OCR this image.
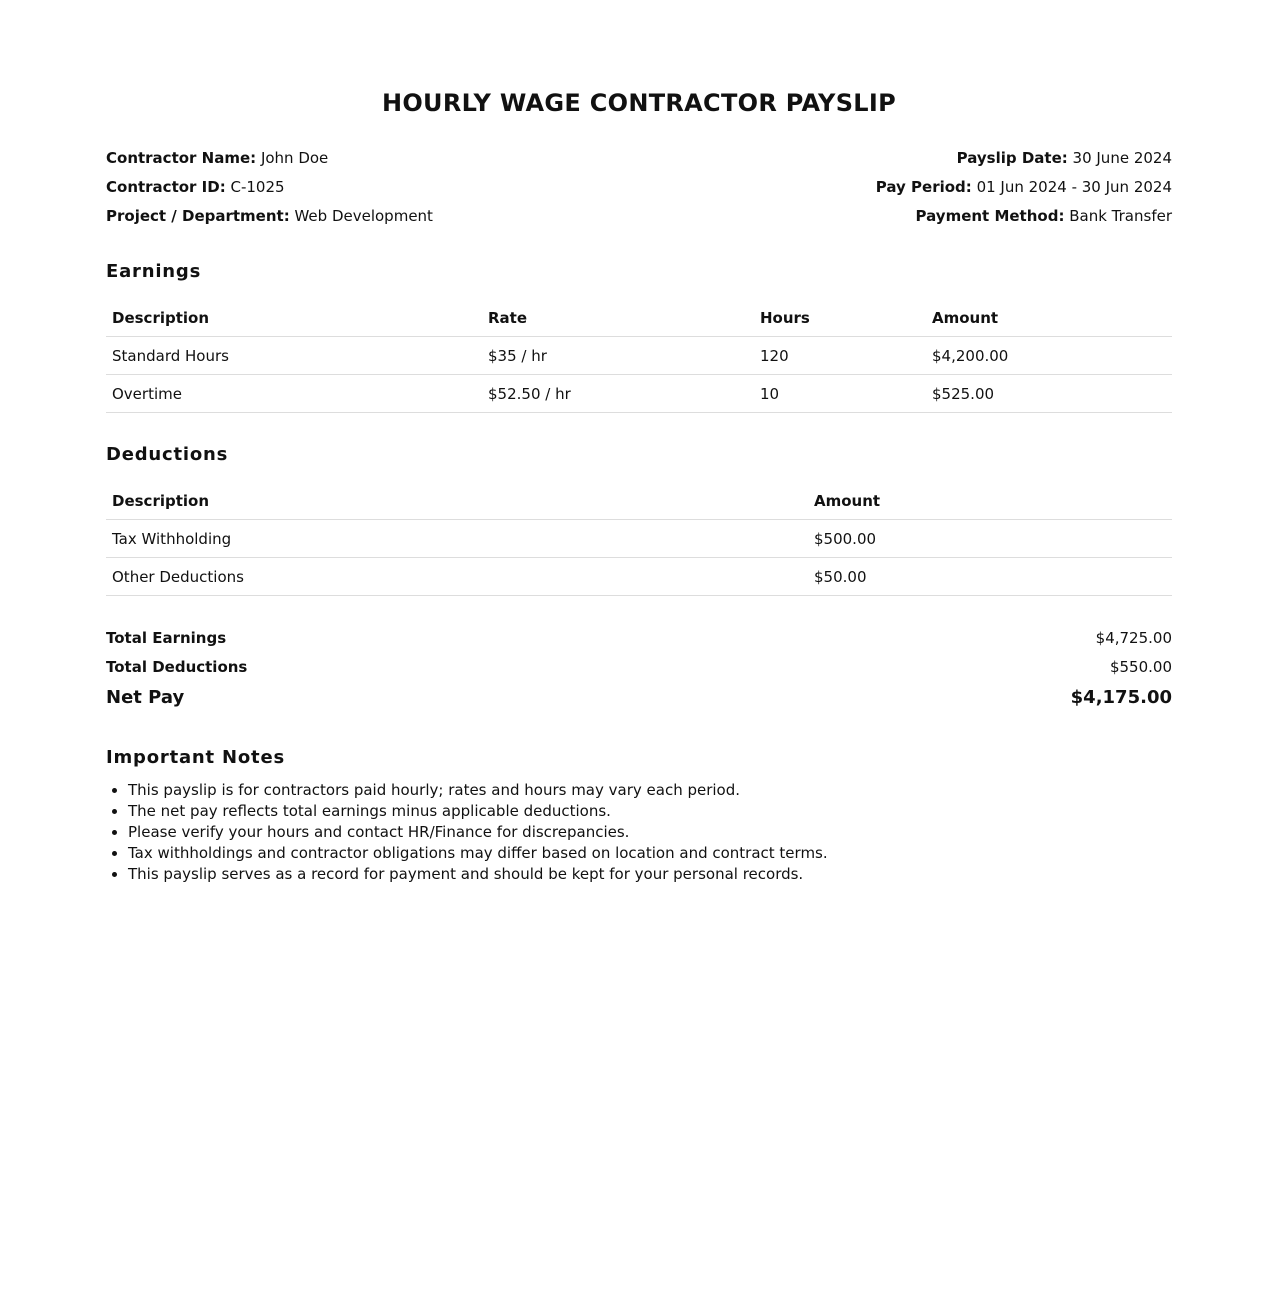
HOURLY WAGE CONTRACTOR PAYSLIP
Contractor Name: John Doe
Contractor ID: C-1025
Project / Department: Web Development
Payslip Date: 30 June 2024
Pay Period: 01 Jun 2024 - 30 Jun 2024
Payment Method: Bank Transfer
Earnings
Description	Rate	Hours	Amount
Standard Hours	$35 / hr	120	$4,200.00
Overtime	$52.50 / hr	10	$525.00
Deductions
Description	Amount
Tax Withholding	$500.00
Other Deductions	$50.00
Total Earnings	$4,725.00
Total Deductions	$550.00
Net Pay	$4,175.00
Important Notes
• This payslip is for contractors paid hourly; rates and hours may vary each period.
• The net pay reflects total earnings minus applicable deductions.
• Please verify your hours and contact HR/Finance for discrepancies.
• Tax withholdings and contractor obligations may differ based on location and contract terms.
• This payslip serves as a record for payment and should be kept for your personal records.
